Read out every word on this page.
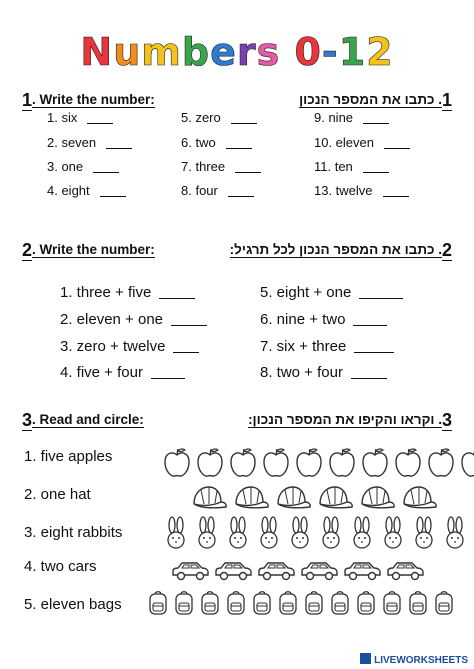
Numbers 0-12
1. Write the number:	1. כתבו את המספר הנכון
1. six
2. seven
3. one
4. eight
5. zero
6. two
7. three
8. four
9. nine
10. eleven
11. ten
13. twelve
2. Write the number:	2. כתבו את המספר הנכון לכל תרגיל:
1. three + five
2. eleven + one
3. zero + twelve
4. five + four
5. eight + one
6. nine + two
7. six + three
8. two + four
3. Read and circle:	3. וקראו והקיפו את המספר הנכון:
1. five apples
2. one hat
3. eight rabbits
4. two cars
5. eleven bags
LIVEWORKSHEETS
